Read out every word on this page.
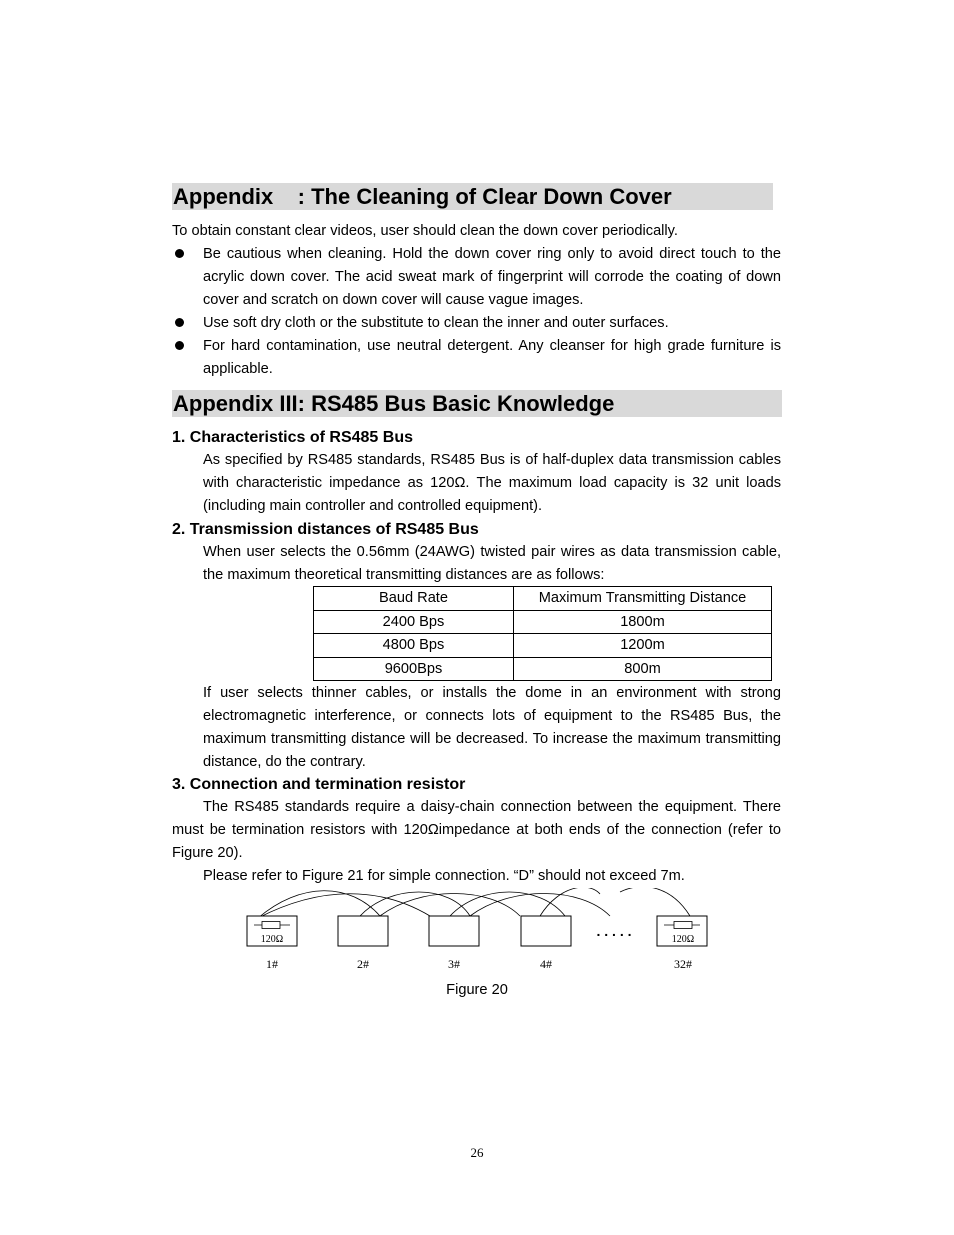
Appendix    : The Cleaning of Clear Down Cover
To obtain constant clear videos, user should clean the down cover periodically.
Be cautious when cleaning. Hold the down cover ring only to avoid direct touch to the acrylic down cover. The acid sweat mark of fingerprint will corrode the coating of down cover and scratch on down cover will cause vague images.
Use soft dry cloth or the substitute to clean the inner and outer surfaces.
For hard contamination, use neutral detergent. Any cleanser for high grade furniture is applicable.
Appendix III: RS485 Bus Basic Knowledge
1. Characteristics of RS485 Bus
As specified by RS485 standards, RS485 Bus is of half-duplex data transmission cables with characteristic impedance as 120Ω. The maximum load capacity is 32 unit loads (including main controller and controlled equipment).
2. Transmission distances of RS485 Bus
When user selects the 0.56mm (24AWG) twisted pair wires as data transmission cable, the maximum theoretical transmitting distances are as follows:
Baud Rate	Maximum Transmitting Distance
2400 Bps	1800m
4800 Bps	1200m
9600Bps	800m
If user selects thinner cables, or installs the dome in an environment with strong electromagnetic interference, or connects lots of equipment to the RS485 Bus, the maximum transmitting distance will be decreased. To increase the maximum transmitting distance, do the contrary.
3. Connection and termination resistor
The RS485 standards require a daisy-chain connection between the equipment. There must be termination resistors with 120Ωimpedance at both ends of the connection (refer to Figure 20).
Please refer to Figure 21 for simple connection. “D” should not exceed 7m.
120Ω	120Ω
. . . . .
1#	2#	3#	4#	32#
Figure 20
26
